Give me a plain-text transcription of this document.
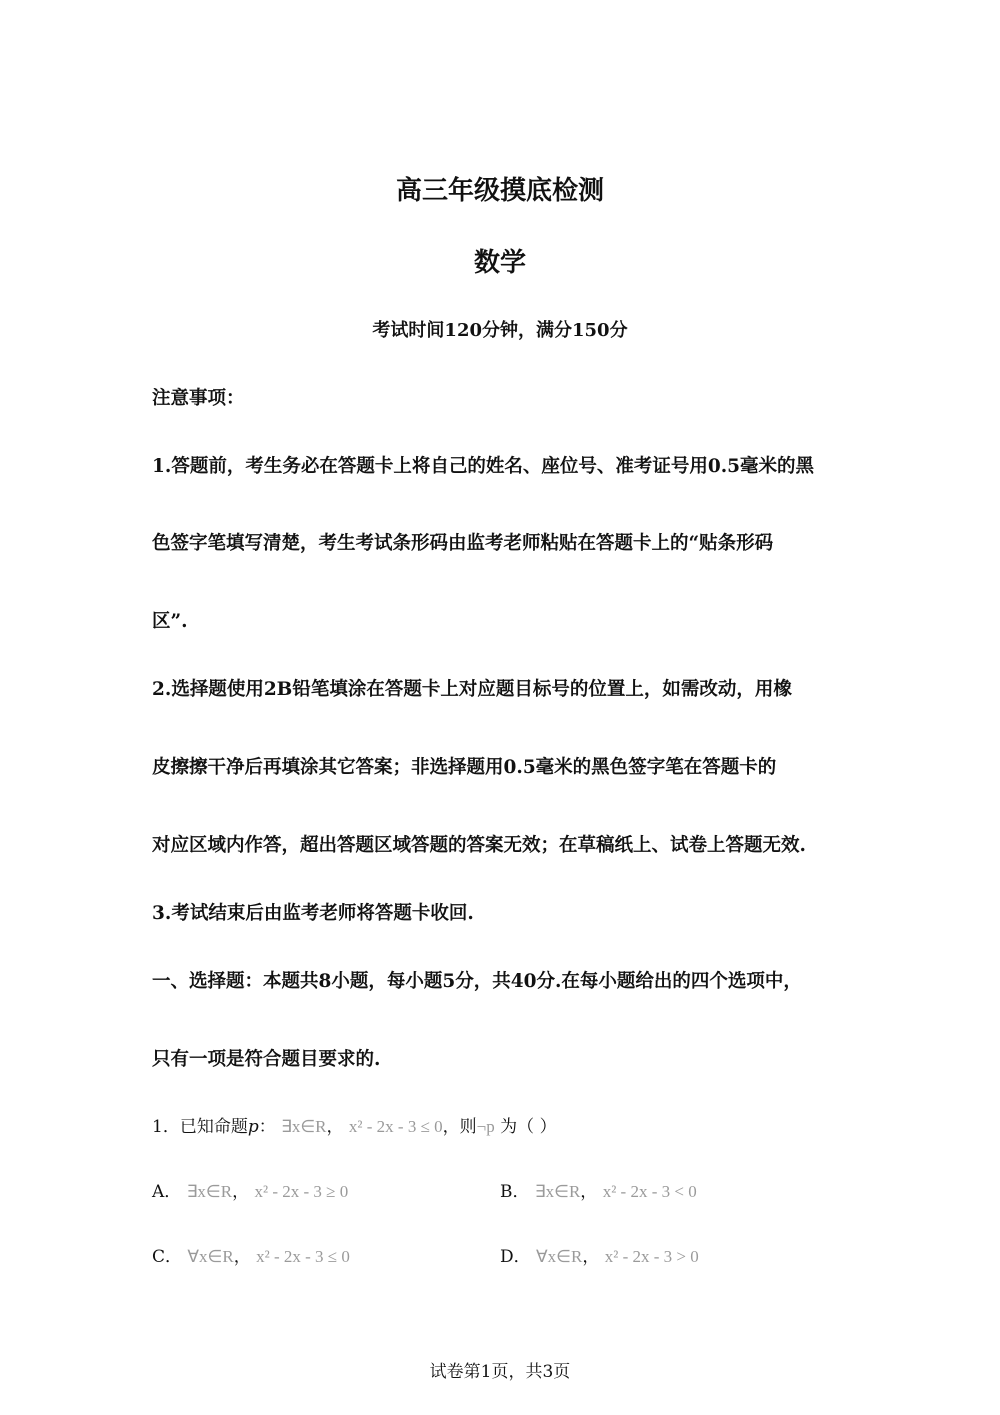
高三年级摸底检测
数学
考试时间120分钟，满分150分
注意事项：
1.答题前，考生务必在答题卡上将自己的姓名、座位号、准考证号用0.5毫米的黑
色签字笔填写清楚，考生考试条形码由监考老师粘贴在答题卡上的“贴条形码
区”.
2.选择题使用2B铅笔填涂在答题卡上对应题目标号的位置上，如需改动，用橡
皮擦擦干净后再填涂其它答案；非选择题用0.5毫米的黑色签字笔在答题卡的
对应区域内作答，超出答题区域答题的答案无效；在草稿纸上、试卷上答题无效.
3.考试结束后由监考老师将答题卡收回.
一、选择题：本题共8小题，每小题5分，共40分.在每小题给出的四个选项中，
只有一项是符合题目要求的.
1．已知命题p： ∃x∈R， x² - 2x - 3 ≤ 0，则¬p 为（ ）
A． ∃x∈R， x² - 2x - 3 ≥ 0	B． ∃x∈R， x² - 2x - 3 < 0
C． ∀x∈R， x² - 2x - 3 ≤ 0	D． ∀x∈R， x² - 2x - 3 > 0
试卷第1页，共3页
